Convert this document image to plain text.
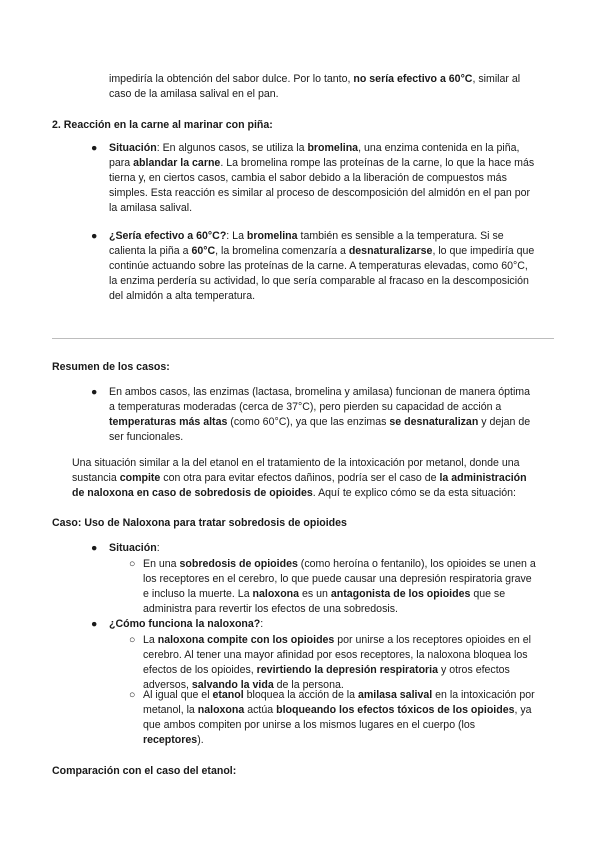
impediría la obtención del sabor dulce. Por lo tanto, no sería efectivo a 60°C, similar al
caso de la amilasa salival en el pan.
2. Reacción en la carne al marinar con piña:
●	Situación: En algunos casos, se utiliza la bromelina, una enzima contenida en la piña,
para ablandar la carne. La bromelina rompe las proteínas de la carne, lo que la hace más
tierna y, en ciertos casos, cambia el sabor debido a la liberación de compuestos más
simples. Esta reacción es similar al proceso de descomposición del almidón en el pan por
la amilasa salival.
●	¿Sería efectivo a 60°C?: La bromelina también es sensible a la temperatura. Si se
calienta la piña a 60°C, la bromelina comenzaría a desnaturalizarse, lo que impediría que
continúe actuando sobre las proteínas de la carne. A temperaturas elevadas, como 60°C,
la enzima perdería su actividad, lo que sería comparable al fracaso en la descomposición
del almidón a alta temperatura.
Resumen de los casos:
●	En ambos casos, las enzimas (lactasa, bromelina y amilasa) funcionan de manera óptima
a temperaturas moderadas (cerca de 37°C), pero pierden su capacidad de acción a
temperaturas más altas (como 60°C), ya que las enzimas se desnaturalizan y dejan de
ser funcionales.
Una situación similar a la del etanol en el tratamiento de la intoxicación por metanol, donde una
sustancia compite con otra para evitar efectos dañinos, podría ser el caso de la administración
de naloxona en caso de sobredosis de opioides. Aquí te explico cómo se da esta situación:
Caso: Uso de Naloxona para tratar sobredosis de opioides
●	Situación:
○ En una sobredosis de opioides (como heroína o fentanilo), los opioides se unen a
los receptores en el cerebro, lo que puede causar una depresión respiratoria grave
e incluso la muerte. La naloxona es un antagonista de los opioides que se
administra para revertir los efectos de una sobredosis.
●	¿Cómo funciona la naloxona?:
○ La naloxona compite con los opioides por unirse a los receptores opioides en el
cerebro. Al tener una mayor afinidad por esos receptores, la naloxona bloquea los
efectos de los opioides, revirtiendo la depresión respiratoria y otros efectos
adversos, salvando la vida de la persona.
○ Al igual que el etanol bloquea la acción de la amilasa salival en la intoxicación por
metanol, la naloxona actúa bloqueando los efectos tóxicos de los opioides, ya
que ambos compiten por unirse a los mismos lugares en el cuerpo (los
receptores).
Comparación con el caso del etanol:
